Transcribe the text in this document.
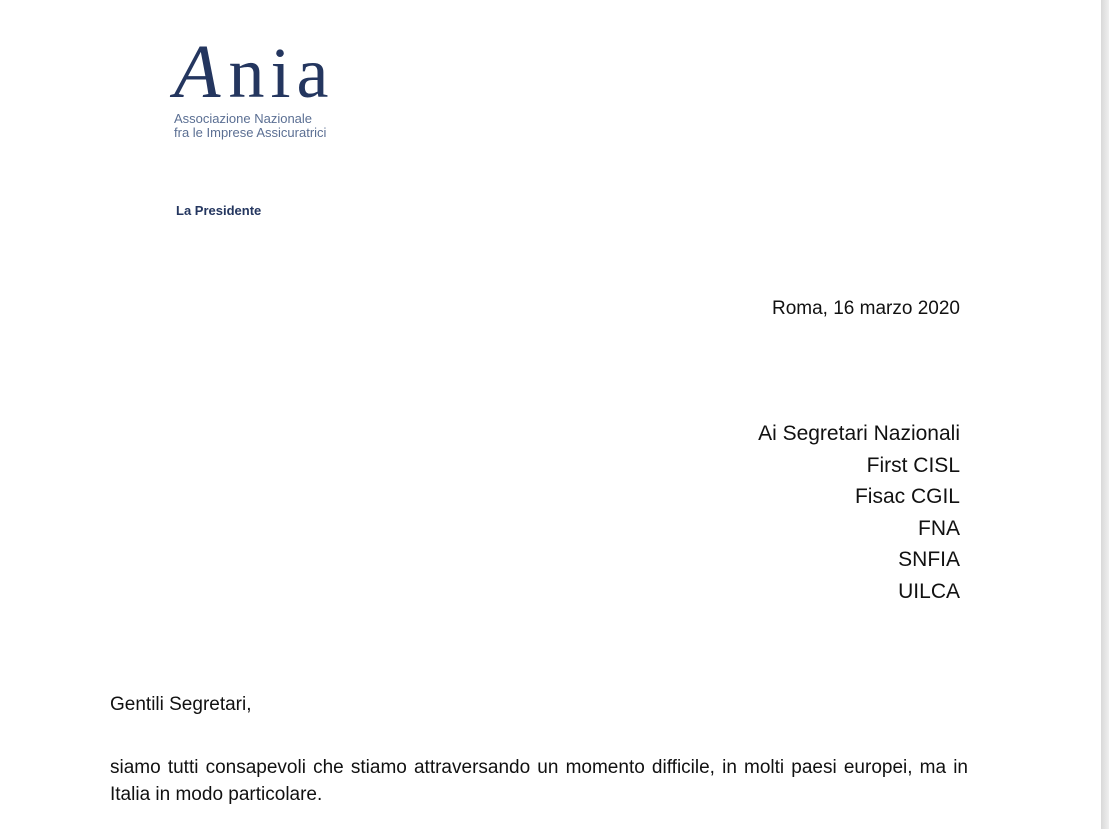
Ania
Associazione Nazionale
fra le Imprese Assicuratrici
La Presidente
Roma, 16 marzo 2020
Ai Segretari Nazionali
First CISL
Fisac CGIL
FNA
SNFIA
UILCA
Gentili Segretari,
siamo tutti consapevoli che stiamo attraversando un momento difficile, in molti paesi europei, ma in Italia in modo particolare.
